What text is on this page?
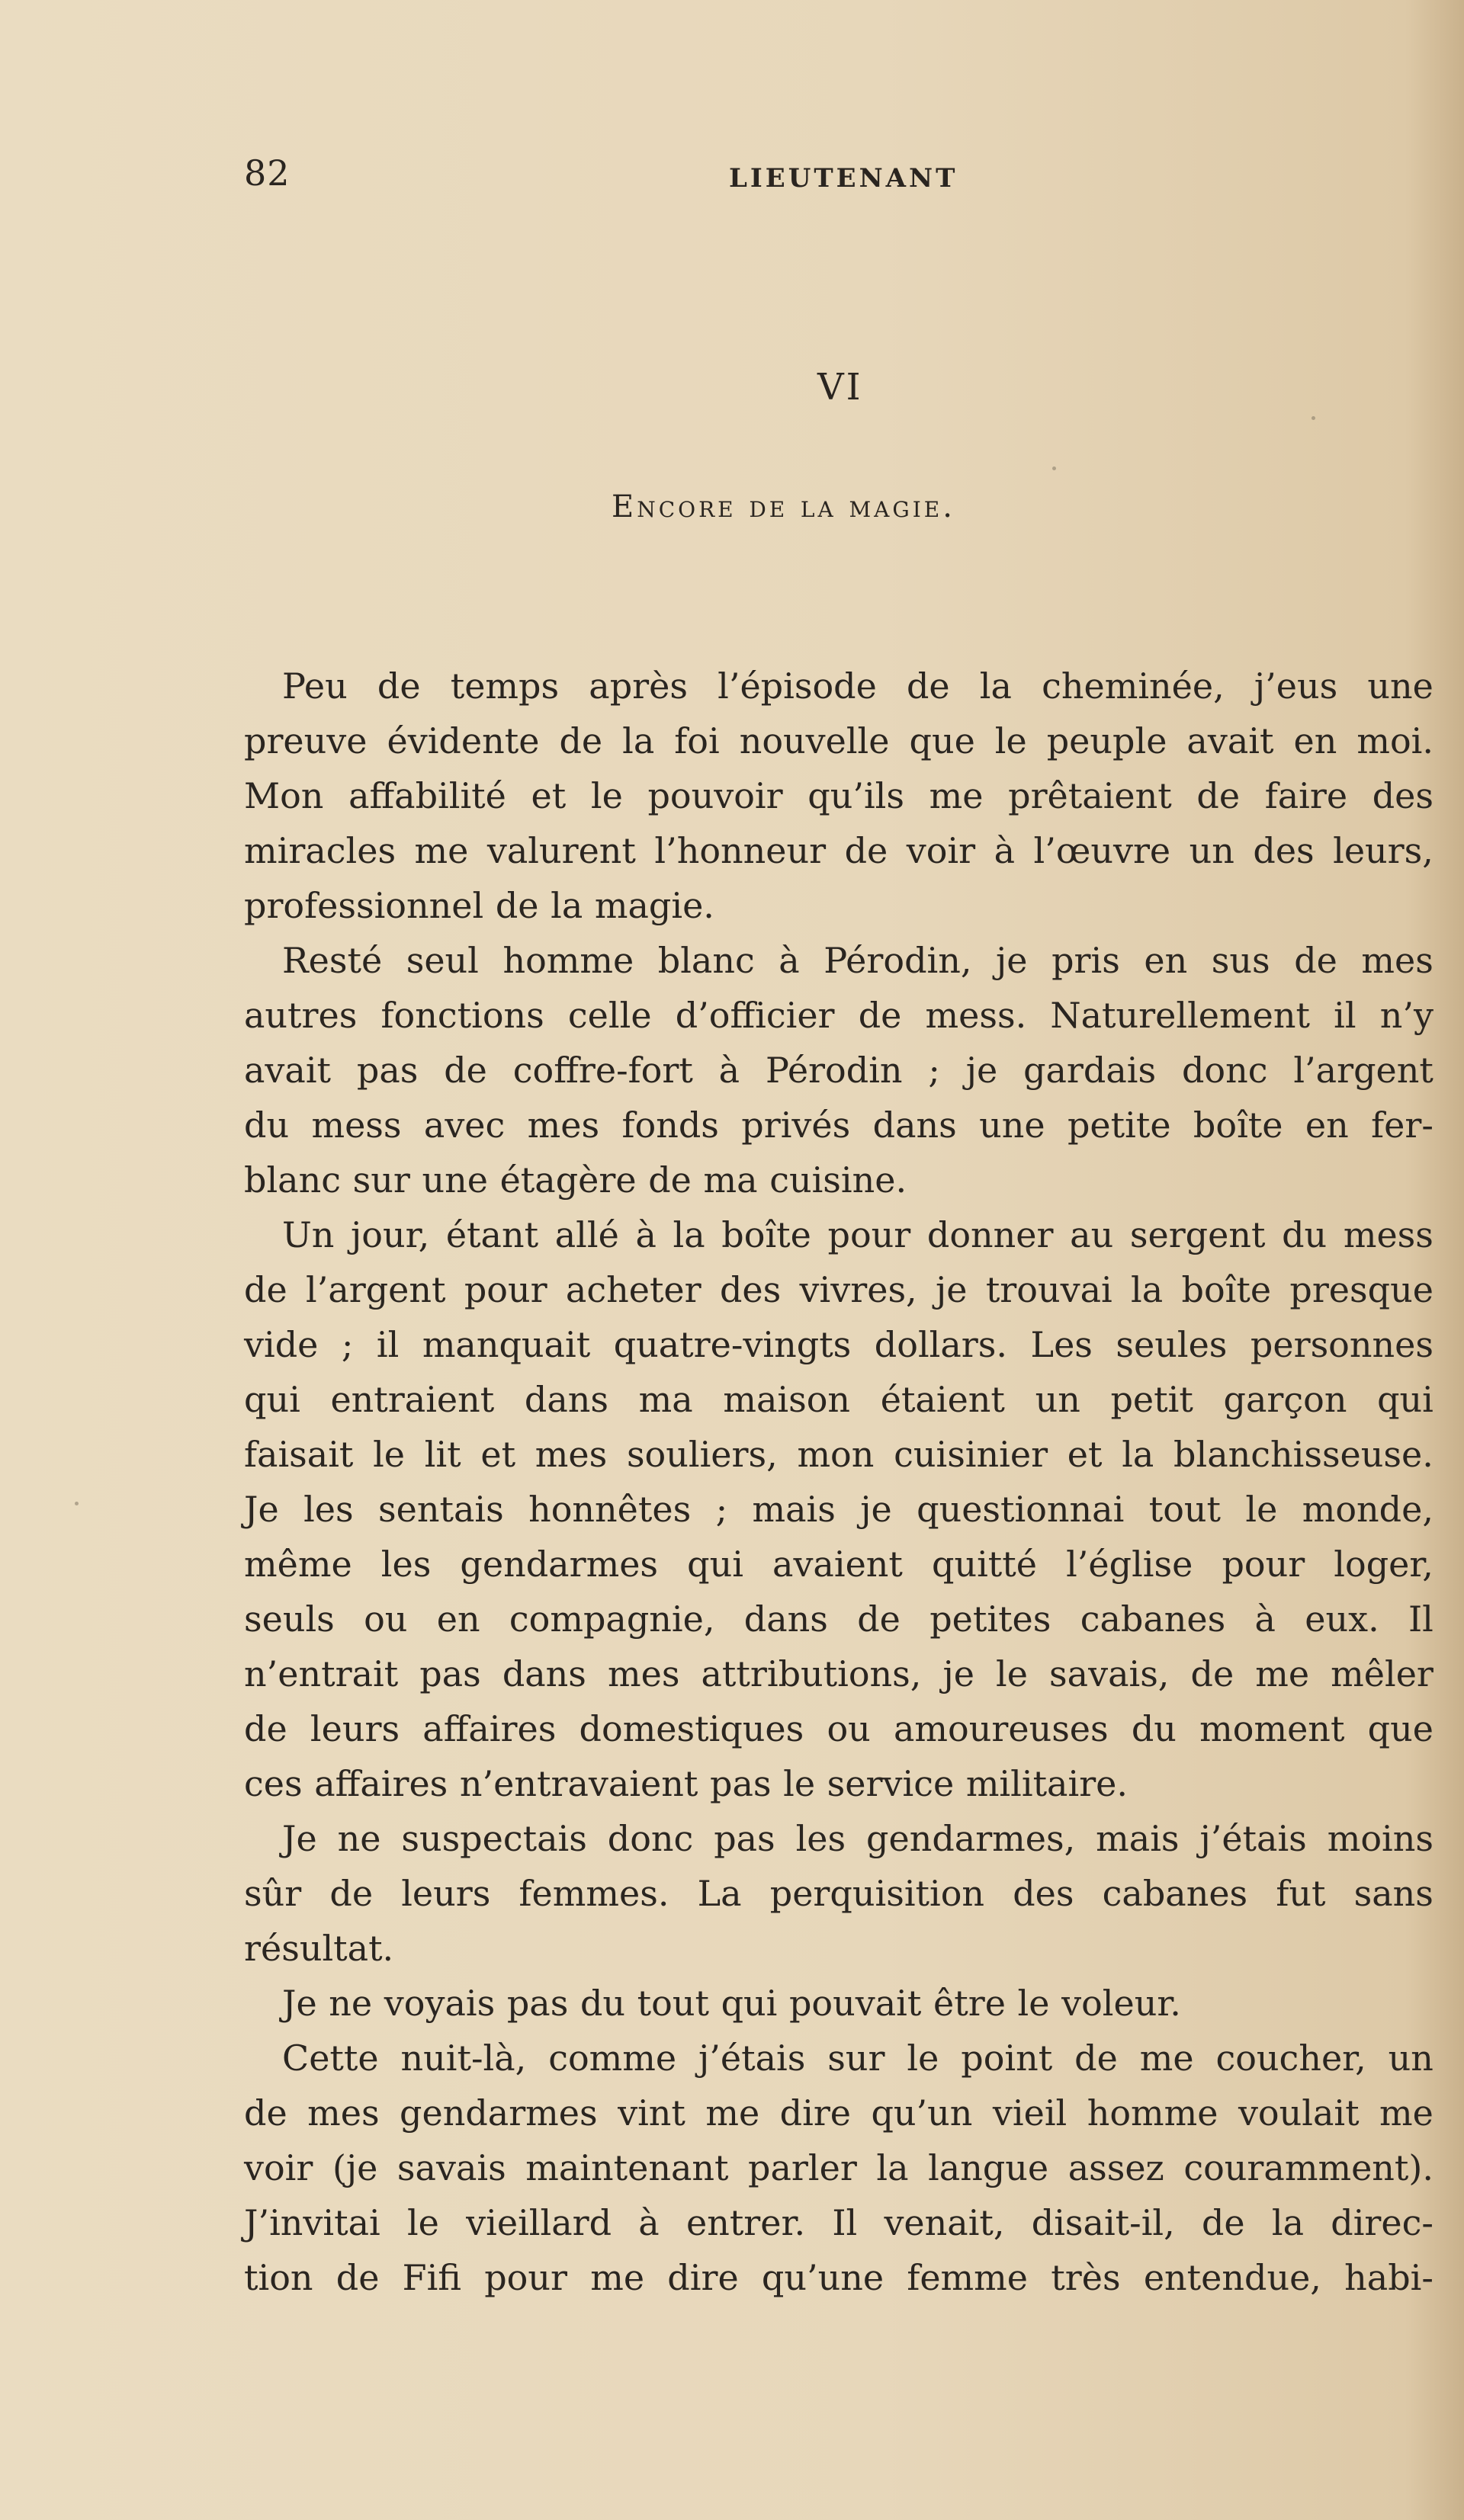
82	LIEUTENANT
VI
Encore de la magie.
Peu de temps après l’épisode de la cheminée, j’eus une
preuve évidente de la foi nouvelle que le peuple avait en moi.
Mon affabilité et le pouvoir qu’ils me prêtaient de faire des
miracles me valurent l’honneur de voir à l’œuvre un des leurs,
professionnel de la magie.
Resté seul homme blanc à Pérodin, je pris en sus de mes
autres fonctions celle d’officier de mess. Naturellement il n’y
avait pas de coffre-fort à Pérodin ; je gardais donc l’argent
du mess avec mes fonds privés dans une petite boîte en fer-
blanc sur une étagère de ma cuisine.
Un jour, étant allé à la boîte pour donner au sergent du mess
de l’argent pour acheter des vivres, je trouvai la boîte presque
vide ; il manquait quatre-vingts dollars. Les seules personnes
qui entraient dans ma maison étaient un petit garçon qui
faisait le lit et mes souliers, mon cuisinier et la blanchisseuse.
Je les sentais honnêtes ; mais je questionnai tout le monde,
même les gendarmes qui avaient quitté l’église pour loger,
seuls ou en compagnie, dans de petites cabanes à eux. Il
n’entrait pas dans mes attributions, je le savais, de me mêler
de leurs affaires domestiques ou amoureuses du moment que
ces affaires n’entravaient pas le service militaire.
Je ne suspectais donc pas les gendarmes, mais j’étais moins
sûr de leurs femmes. La perquisition des cabanes fut sans
résultat.
Je ne voyais pas du tout qui pouvait être le voleur.
Cette nuit-là, comme j’étais sur le point de me coucher, un
de mes gendarmes vint me dire qu’un vieil homme voulait me
voir (je savais maintenant parler la langue assez couramment).
J’invitai le vieillard à entrer. Il venait, disait-il, de la direc-
tion de Fifi pour me dire qu’une femme très entendue, habi-
